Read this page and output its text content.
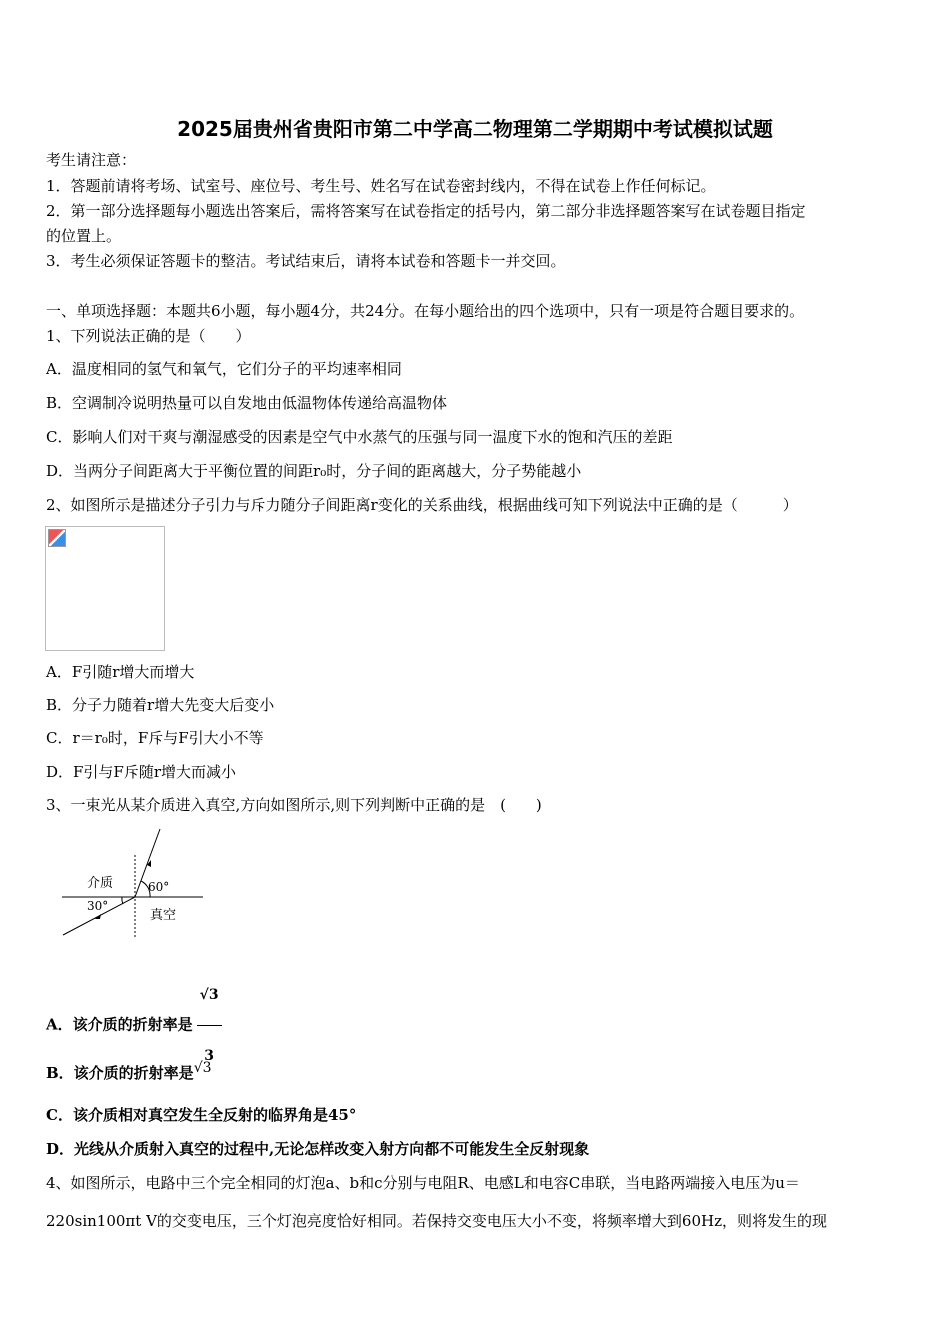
2025届贵州省贵阳市第二中学高二物理第二学期期中考试模拟试题
考生请注意：
1．答题前请将考场、试室号、座位号、考生号、姓名写在试卷密封线内，不得在试卷上作任何标记。
2．第一部分选择题每小题选出答案后，需将答案写在试卷指定的括号内，第二部分非选择题答案写在试卷题目指定
的位置上。
3．考生必须保证答题卡的整洁。考试结束后，请将本试卷和答题卡一并交回。
一、单项选择题：本题共6小题，每小题4分，共24分。在每小题给出的四个选项中，只有一项是符合题目要求的。
1、下列说法正确的是（　　）
A．温度相同的氢气和氧气，它们分子的平均速率相同
B．空调制冷说明热量可以自发地由低温物体传递给高温物体
C．影响人们对干爽与潮湿感受的因素是空气中水蒸气的压强与同一温度下水的饱和汽压的差距
D．当两分子间距离大于平衡位置的间距r₀时，分子间的距离越大，分子势能越小
2、如图所示是描述分子引力与斥力随分子间距离r变化的关系曲线，根据曲线可知下列说法中正确的是（　　　）
A．F引随r增大而增大
B．分子力随着r增大先变大后变小
C．r＝r₀时，F斥与F引大小不等
D．F引与F斥随r增大而减小
3、一束光从某介质进入真空,方向如图所示,则下列判断中正确的是　(　　)
介质	60°
30°
真空
A．该介质的折射率是 $\frac{√3}{3}$
B．该介质的折射率是$^{√3}$
C．该介质相对真空发生全反射的临界角是45°
D．光线从介质射入真空的过程中,无论怎样改变入射方向都不可能发生全反射现象
4、如图所示，电路中三个完全相同的灯泡a、b和c分别与电阻R、电感L和电容C串联，当电路两端接入电压为u＝
220sin100πt V的交变电压，三个灯泡亮度恰好相同。若保持交变电压大小不变，将频率增大到60Hz，则将发生的现
